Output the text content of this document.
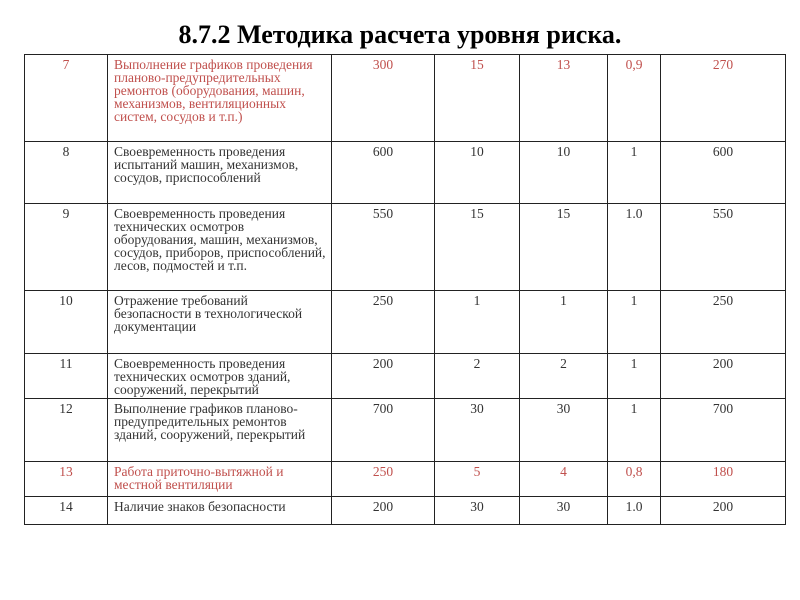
8.7.2 Методика расчета уровня риска.
7	Выполнение графиков проведения планово-предупредительных ремонтов (оборудования, машин, механизмов, вентиляционных систем, сосудов и т.п.)	300	15	13	0,9	270
8	Своевременность проведения испытаний машин, механизмов, сосудов, приспособлений	600	10	10	1	600
9	Своевременность проведения технических осмотров оборудования, машин, механизмов, сосудов, приборов, приспособлений, лесов, подмостей и т.п.	550	15	15	1.0	550
10	Отражение требований безопасности в технологической документации	250	1	1	1	250
11	Своевременность проведения технических осмотров зданий, сооружений, перекрытий	200	2	2	1	200
12	Выполнение графиков планово-предупредительных ремонтов зданий, сооружений, перекрытий	700	30	30	1	700
13	Работа приточно-вытяжной и местной вентиляции	250	5	4	0,8	180
14	Наличие знаков безопасности	200	30	30	1.0	200
